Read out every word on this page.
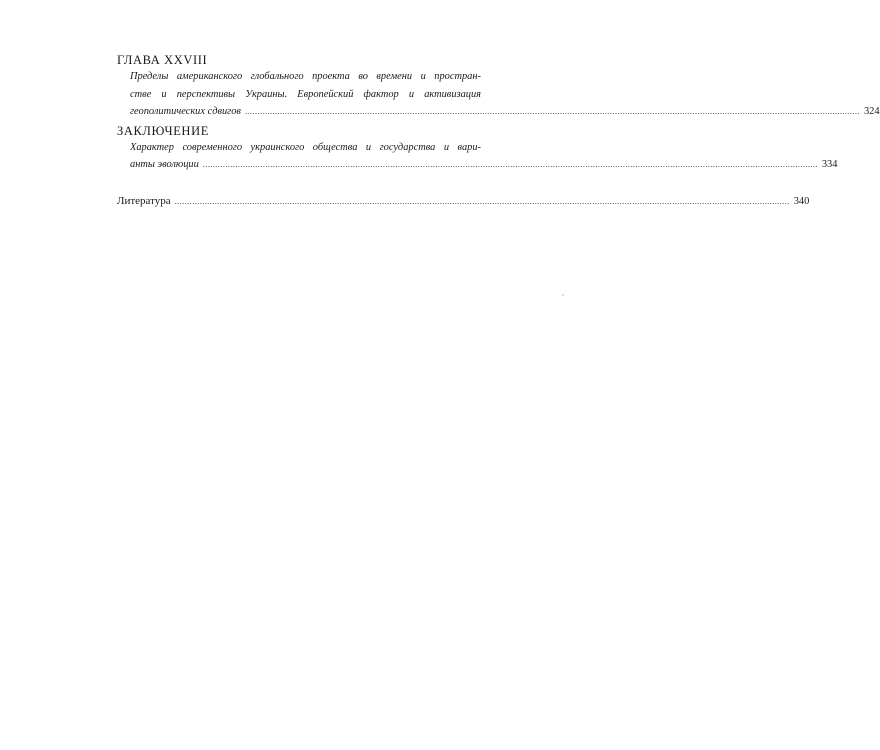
ГЛАВА XXVIII
Пределы американского глобального проекта во времени и простран-
стве и перспективы Украины. Европейский фактор и активизация
геополитических сдвигов ...................................................................................................................................................................................................................................................... 324
ЗАКЛЮЧЕНИЕ
Характер современного украинского общества и государства и вари-
анты эволюции ...................................................................................................................................................................................................................................................... 334
Литература ...................................................................................................................................................................................................................................................... 340
